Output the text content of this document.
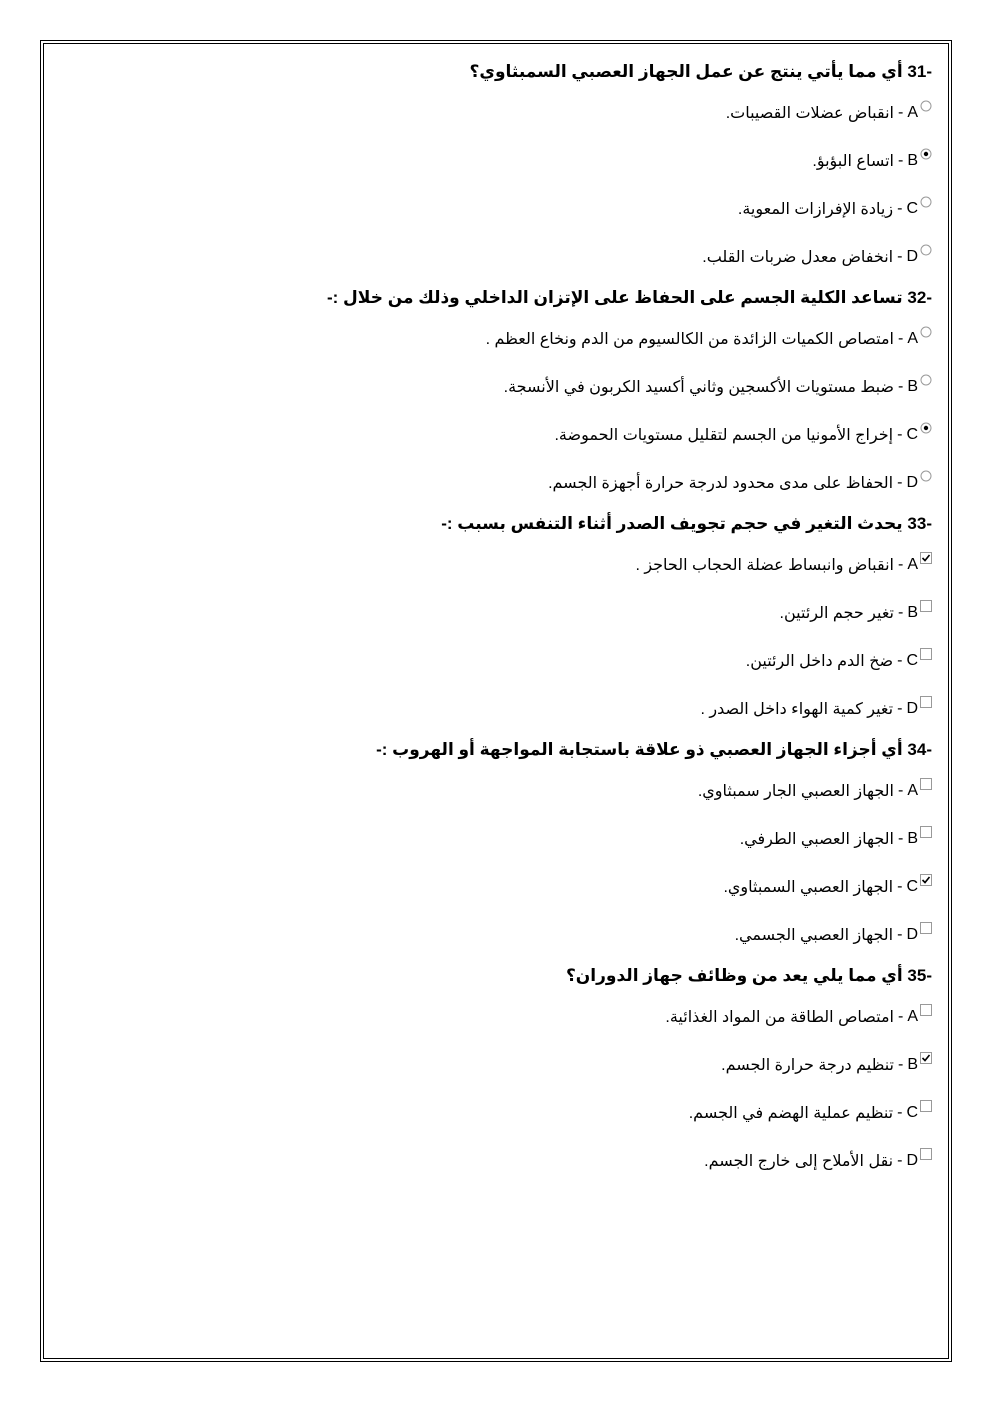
31- أي مما يأتي ينتج عن عمل الجهاز العصبي السمبثاوي؟
A
-
انقباض عضلات القصيبات.
B
-
اتساع البؤبؤ.
C
-
زيادة الإفرازات المعوية.
D
-
انخفاض معدل ضربات القلب.
32- تساعد الكلية الجسم على الحفاظ على الإتزان الداخلي وذلك من خلال :-
A
-
امتصاص الكميات الزائدة من الكالسيوم من الدم ونخاع العظم .
B
-
ضبط مستويات الأكسجين وثاني أكسيد الكربون في الأنسجة.
C
-
إخراج الأمونيا من الجسم لتقليل مستويات الحموضة.
D
-
الحفاظ على مدى محدود لدرجة حرارة أجهزة الجسم.
33- يحدث التغير في حجم تجويف الصدر أثناء التنفس بسبب :-
A
-
انقباض وانبساط عضلة الحجاب الحاجز .
B
-
تغير حجم الرئتين.
C
-
ضخ الدم داخل الرئتين.
D
-
تغير كمية الهواء داخل الصدر .
34- أي أجزاء الجهاز العصبي ذو علاقة باستجابة المواجهة أو الهروب :-
A
-
الجهاز العصبي الجار سمبثاوي.
B
-
الجهاز العصبي الطرفي.
C
-
الجهاز العصبي السمبثاوي.
D
-
الجهاز العصبي الجسمي.
35- أي مما يلي يعد من وظائف جهاز الدوران؟
A
-
امتصاص الطاقة من المواد الغذائية.
B
-
تنظيم درجة حرارة الجسم.
C
-
تنظيم عملية الهضم في الجسم.
D
-
نقل الأملاح إلى خارج الجسم.
